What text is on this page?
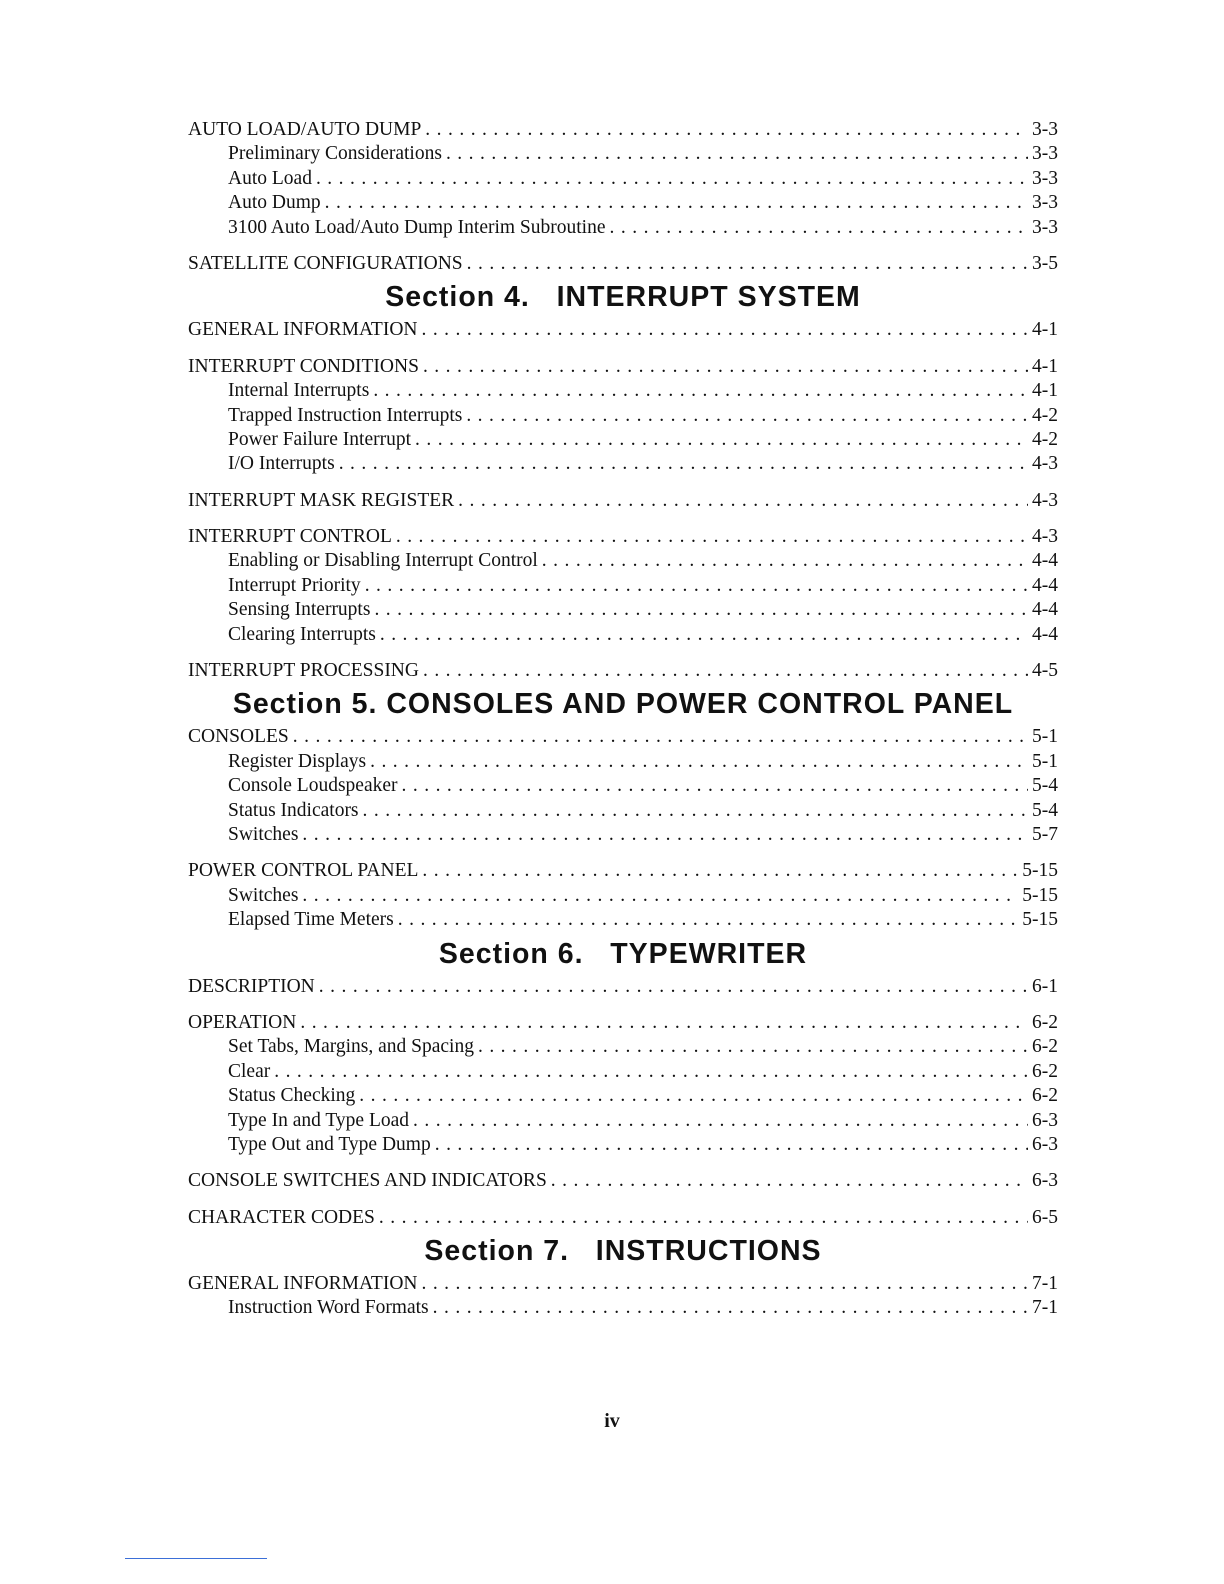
AUTO LOAD/AUTO DUMP . . .	3-3
Preliminary Considerations . . .	3-3
Auto Load . . .	3-3
Auto Dump . . .	3-3
3100 Auto Load/Auto Dump Interim Subroutine . . .	3-3
SATELLITE CONFIGURATIONS . . .	3-5
Section 4.   INTERRUPT SYSTEM
GENERAL INFORMATION . . .	4-1
INTERRUPT CONDITIONS . . .	4-1
Internal Interrupts . . .	4-1
Trapped Instruction Interrupts . . .	4-2
Power Failure Interrupt . . .	4-2
I/O Interrupts . . .	4-3
INTERRUPT MASK REGISTER . . .	4-3
INTERRUPT CONTROL . . .	4-3
Enabling or Disabling Interrupt Control . . .	4-4
Interrupt Priority . . .	4-4
Sensing Interrupts . . .	4-4
Clearing Interrupts . . .	4-4
INTERRUPT PROCESSING . . .	4-5
Section 5. CONSOLES AND POWER CONTROL PANEL
CONSOLES . . .	5-1
Register Displays . . .	5-1
Console Loudspeaker . . .	5-4
Status Indicators . . .	5-4
Switches . . .	5-7
POWER CONTROL PANEL . . .	5-15
Switches . . .	5-15
Elapsed Time Meters . . .	5-15
Section 6.   TYPEWRITER
DESCRIPTION . . .	6-1
OPERATION . . .	6-2
Set Tabs, Margins, and Spacing . . .	6-2
Clear . . .	6-2
Status Checking . . .	6-2
Type In and Type Load . . .	6-3
Type Out and Type Dump . . .	6-3
CONSOLE SWITCHES AND INDICATORS . . .	6-3
CHARACTER CODES . . .	6-5
Section 7.   INSTRUCTIONS
GENERAL INFORMATION . . .	7-1
Instruction Word Formats . . .	7-1
iv
